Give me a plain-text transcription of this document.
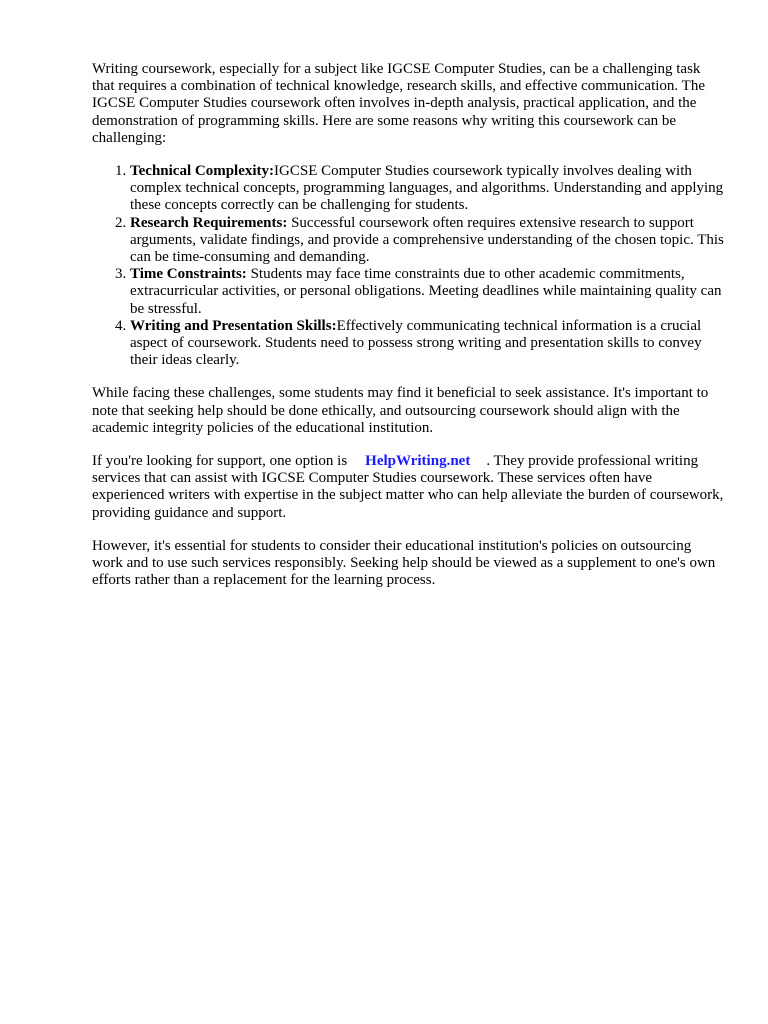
Writing coursework, especially for a subject like IGCSE Computer Studies, can be a challenging task that requires a combination of technical knowledge, research skills, and effective communication. The IGCSE Computer Studies coursework often involves in-depth analysis, practical application, and the demonstration of programming skills. Here are some reasons why writing this coursework can be challenging:

1. Technical Complexity:IGCSE Computer Studies coursework typically involves dealing with complex technical concepts, programming languages, and algorithms. Understanding and applying these concepts correctly can be challenging for students.
2. Research Requirements: Successful coursework often requires extensive research to support arguments, validate findings, and provide a comprehensive understanding of the chosen topic. This can be time-consuming and demanding.
3. Time Constraints: Students may face time constraints due to other academic commitments, extracurricular activities, or personal obligations. Meeting deadlines while maintaining quality can be stressful.
4. Writing and Presentation Skills:Effectively communicating technical information is a crucial aspect of coursework. Students need to possess strong writing and presentation skills to convey their ideas clearly.

While facing these challenges, some students may find it beneficial to seek assistance. It's important to note that seeking help should be done ethically, and outsourcing coursework should align with the academic integrity policies of the educational institution.

If you're looking for support, one option is HelpWriting.net . They provide professional writing services that can assist with IGCSE Computer Studies coursework. These services often have experienced writers with expertise in the subject matter who can help alleviate the burden of coursework, providing guidance and support.

However, it's essential for students to consider their educational institution's policies on outsourcing work and to use such services responsibly. Seeking help should be viewed as a supplement to one's own efforts rather than a replacement for the learning process.
